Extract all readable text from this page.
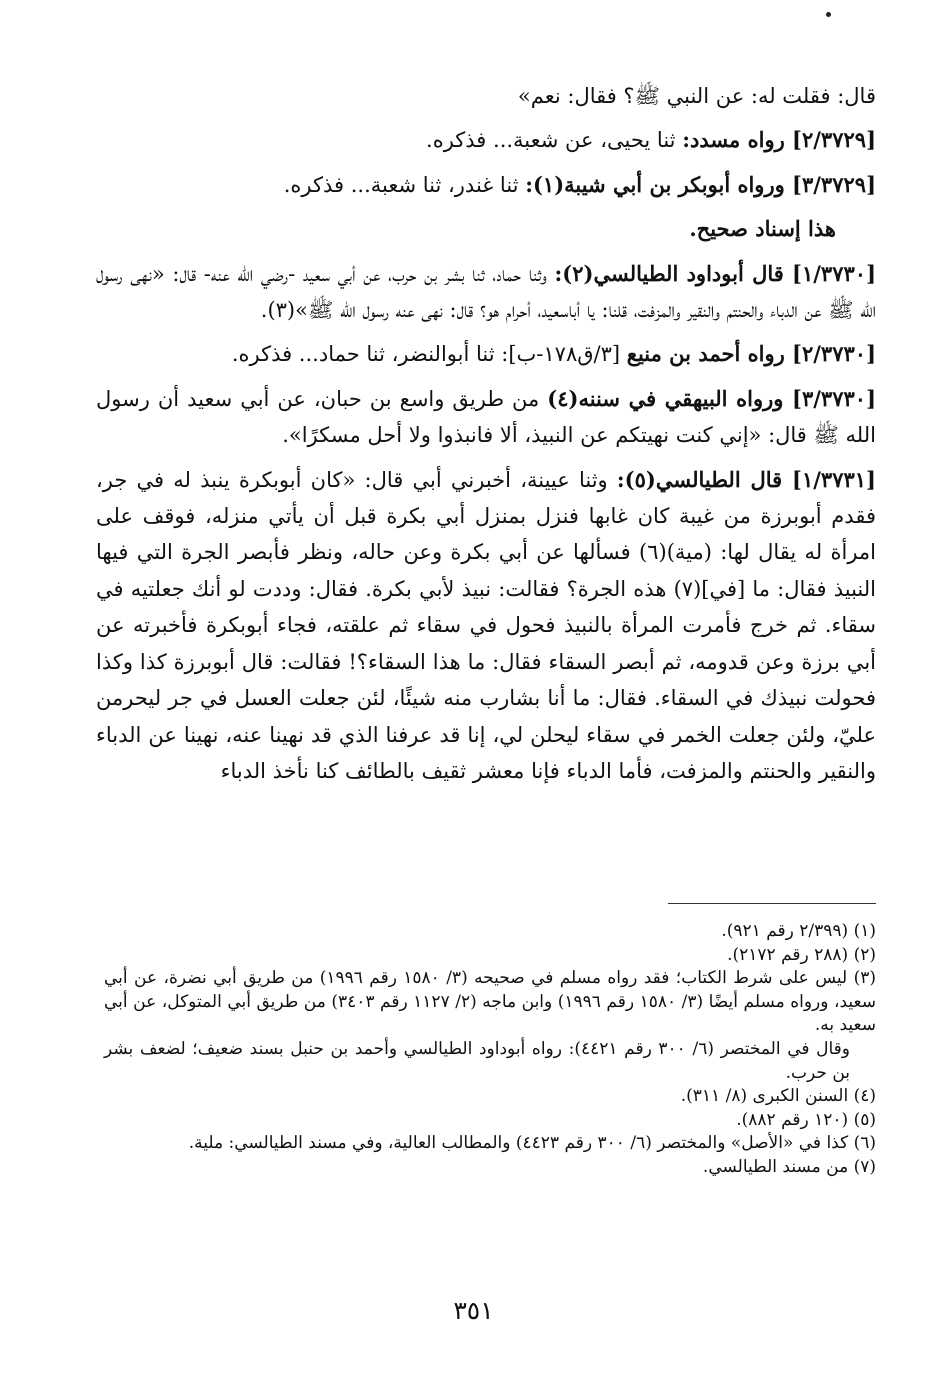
قال: فقلت له: عن النبي ﷺ؟ فقال: نعم»

[٢/٣٧٢٩] رواه مسدد: ثنا يحيى، عن شعبة... فذكره.

[٣/٣٧٢٩] ورواه أبوبكر بن أبي شيبة(١): ثنا غندر، ثنا شعبة... فذكره.

هذا إسناد صحيح.

[١/٣٧٣٠] قال أبوداود الطيالسي(٢): وثنا حماد، ثنا بشر بن حرب، عن أبي سعيد -رضي الله عنه- قال: «نهى رسول الله ﷺ عن الدباء والحنتم والنقير والمزفت، قلنا: يا أباسعيد، أحرام هو؟ قال: نهى عنه رسول الله ﷺ»(٣).

[٢/٣٧٣٠] رواه أحمد بن منيع [٣/ق١٧٨-ب]: ثنا أبوالنضر، ثنا حماد... فذكره.

[٣/٣٧٣٠] ورواه البيهقي في سننه(٤) من طريق واسع بن حبان، عن أبي سعيد أن رسول الله ﷺ قال: «إني كنت نهيتكم عن النبيذ، ألا فانبذوا ولا أحل مسكرًا».

[١/٣٧٣١] قال الطيالسي(٥): وثنا عيينة، أخبرني أبي قال: «كان أبوبكرة ينبذ له في جر، فقدم أبوبرزة من غيبة كان غابها فنزل بمنزل أبي بكرة قبل أن يأتي منزله، فوقف على امرأة له يقال لها: (مية)(٦) فسألها عن أبي بكرة وعن حاله، ونظر فأبصر الجرة التي فيها النبيذ فقال: ما [في](٧) هذه الجرة؟ فقالت: نبيذ لأبي بكرة. فقال: وددت لو أنك جعلتيه في سقاء. ثم خرج فأمرت المرأة بالنبيذ فحول في سقاء ثم علقته، فجاء أبوبكرة فأخبرته عن أبي برزة وعن قدومه، ثم أبصر السقاء فقال: ما هذا السقاء؟! فقالت: قال أبوبرزة كذا وكذا فحولت نبيذك في السقاء. فقال: ما أنا بشارب منه شيئًا، لئن جعلت العسل في جر ليحرمن عليّ، ولئن جعلت الخمر في سقاء ليحلن لي، إنا قد عرفنا الذي قد نهينا عنه، نهينا عن الدباء والنقير والحنتم والمزفت، فأما الدباء فإنا معشر ثقيف بالطائف كنا نأخذ الدباء

(١) (٢/٣٩٩ رقم ٩٢١).

(٢) (٢٨٨ رقم ٢١٧٢).

(٣) ليس على شرط الكتاب؛ فقد رواه مسلم في صحيحه (٣/ ١٥٨٠ رقم ١٩٩٦) من طريق أبي نضرة، عن أبي سعيد، ورواه مسلم أيضًا (٣/ ١٥٨٠ رقم ١٩٩٦) وابن ماجه (٢/ ١١٢٧ رقم ٣٤٠٣) من طريق أبي المتوكل، عن أبي سعيد به.

وقال في المختصر (٦/ ٣٠٠ رقم ٤٤٢١): رواه أبوداود الطيالسي وأحمد بن حنبل بسند ضعيف؛ لضعف بشر بن حرب.

(٤) السنن الكبرى (٨/ ٣١١).

(٥) (١٢٠ رقم ٨٨٢).

(٦) كذا في «الأصل» والمختصر (٦/ ٣٠٠ رقم ٤٤٢٣) والمطالب العالية، وفي مسند الطيالسي: ملية.

(٧) من مسند الطيالسي.

٣٥١
